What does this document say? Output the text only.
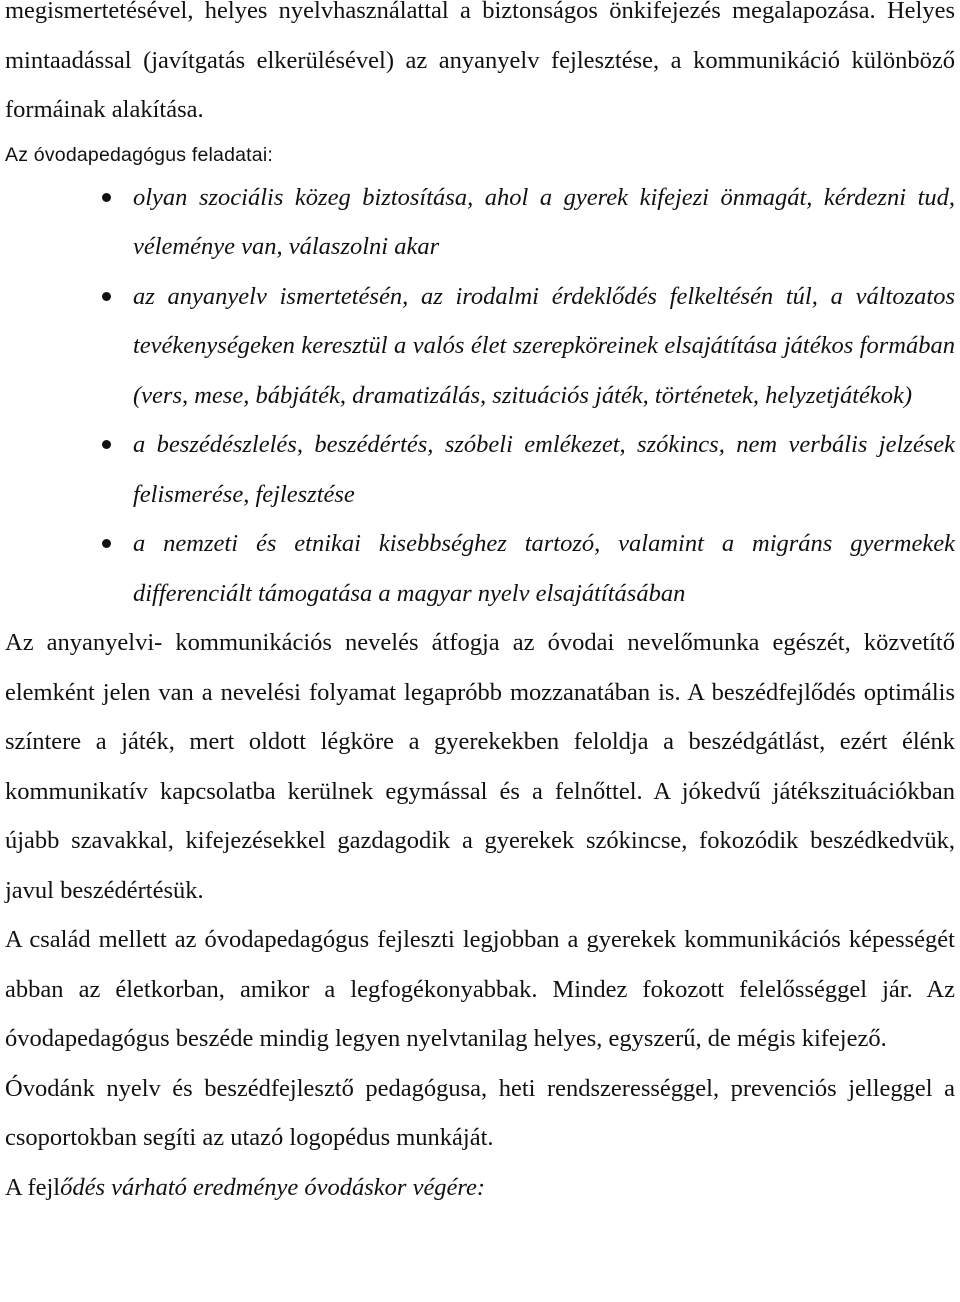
megismertetésével, helyes nyelvhasználattal a biztonságos önkifejezés megalapozása. Helyes mintaadással (javítgatás elkerülésével) az anyanyelv fejlesztése, a kommunikáció különböző formáinak alakítása.

Az óvodapedagógus feladatai:

olyan szociális közeg biztosítása, ahol a gyerek kifejezi önmagát, kérdezni tud, véleménye van, válaszolni akar
az anyanyelv ismertetésén, az irodalmi érdeklődés felkeltésén túl, a változatos tevékenységeken keresztül a valós élet szerepköreinek elsajátítása játékos formában (vers, mese, bábjáték, dramatizálás, szituációs játék, történetek, helyzetjátékok)
a beszédészlelés, beszédértés, szóbeli emlékezet, szókincs, nem verbális jelzések felismerése, fejlesztése
a nemzeti és etnikai kisebbséghez tartozó, valamint a migráns gyermekek differenciált támogatása a magyar nyelv elsajátításában

Az anyanyelvi- kommunikációs nevelés átfogja az óvodai nevelőmunka egészét, közvetítő elemként jelen van a nevelési folyamat legapróbb mozzanatában is. A beszédfejlődés optimális színtere a játék, mert oldott légköre a gyerekekben feloldja a beszédgátlást, ezért élénk kommunikatív kapcsolatba kerülnek egymással és a felnőttel. A jókedvű játékszituációkban újabb szavakkal, kifejezésekkel gazdagodik a gyerekek szókincse, fokozódik beszédkedvük, javul beszédértésük.

A család mellett az óvodapedagógus fejleszti legjobban a gyerekek kommunikációs képességét abban az életkorban, amikor a legfogékonyabbak. Mindez fokozott felelősséggel jár. Az óvodapedagógus beszéde mindig legyen nyelvtanilag helyes, egyszerű, de mégis kifejező.

Óvodánk nyelv és beszédfejlesztő pedagógusa, heti rendszerességgel, prevenciós jelleggel a csoportokban segíti az utazó logopédus munkáját.

A fejlődés várható eredménye óvodáskor végére:
